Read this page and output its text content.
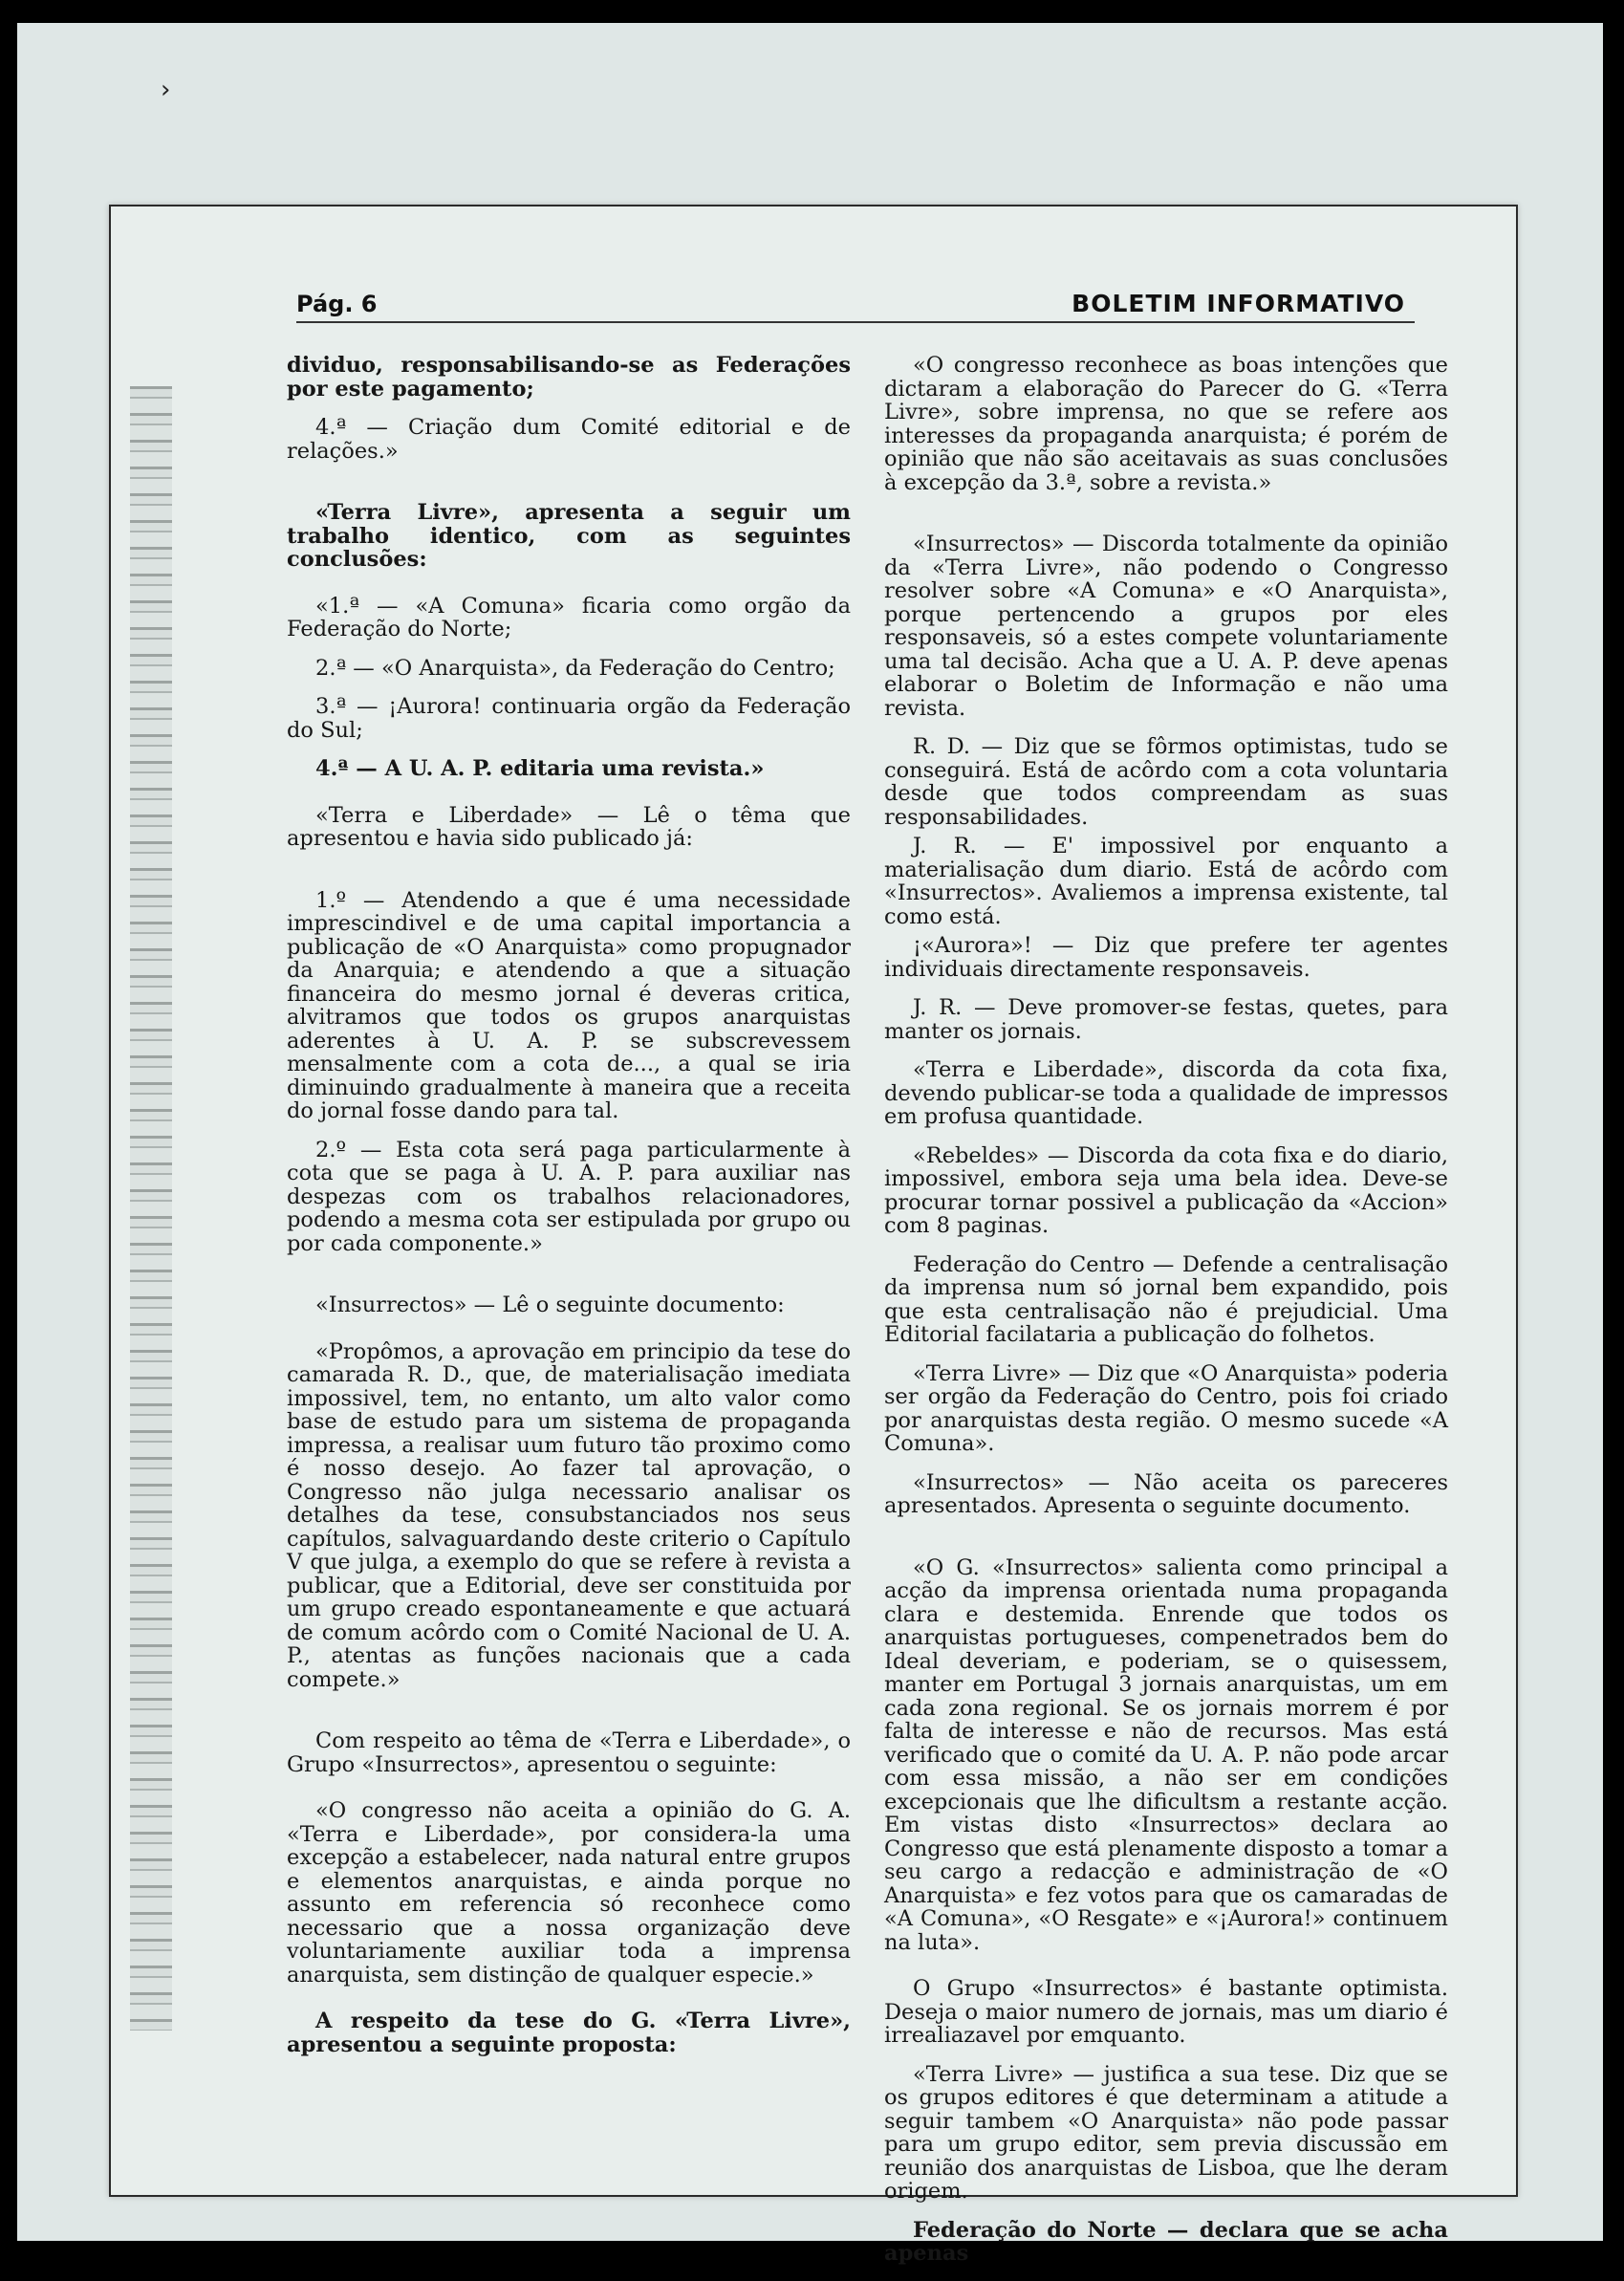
›
Pág. 6	BOLETIM INFORMATIVO

dividuo, responsabilisando-se as Federações por este pagamento;

4.ª — Criação dum Comité editorial e de relações.»

«Terra Livre», apresenta a seguir um trabalho identico, com as seguintes conclusões:

«1.ª — «A Comuna» ficaria como orgão da Federação do Norte;

2.ª — «O Anarquista», da Federação do Centro;

3.ª — ¡Aurora! continuaria orgão da Federação do Sul;

4.ª — A U. A. P. editaria uma revista.»

«Terra e Liberdade» — Lê o têma que apresentou e havia sido publicado já:

1.º — Atendendo a que é uma necessidade imprescindivel e de uma capital importancia a publicação de «O Anarquista» como propugnador da Anarquia; e atendendo a que a situação financeira do mesmo jornal é deveras critica, alvitramos que todos os grupos anarquistas aderentes à U. A. P. se subscrevessem mensalmente com a cota de..., a qual se iria diminuindo gradualmente à maneira que a receita do jornal fosse dando para tal.

2.º — Esta cota será paga particularmente à cota que se paga à U. A. P. para auxiliar nas despezas com os trabalhos relacionadores, podendo a mesma cota ser estipulada por grupo ou por cada componente.»

«Insurrectos» — Lê o seguinte documento:

«Propômos, a aprovação em principio da tese do camarada R. D., que, de materialisação imediata impossivel, tem, no entanto, um alto valor como base de estudo para um sistema de propaganda impressa, a realisar uum futuro tão proximo como é nosso desejo. Ao fazer tal aprovação, o Congresso não julga necessario analisar os detalhes da tese, consubstanciados nos seus capítulos, salvaguardando deste criterio o Capítulo V que julga, a exemplo do que se refere à revista a publicar, que a Editorial, deve ser constituida por um grupo creado espontaneamente e que actuará de comum acôrdo com o Comité Nacional de U. A. P., atentas as funções nacionais que a cada compete.»

Com respeito ao têma de «Terra e Liberdade», o Grupo «Insurrectos», apresentou o seguinte:

«O congresso não aceita a opinião do G. A. «Terra e Liberdade», por considera-la uma excepção a estabelecer, nada natural entre grupos e elementos anarquistas, e ainda porque no assunto em referencia só reconhece como necessario que a nossa organização deve voluntariamente auxiliar toda a imprensa anarquista, sem distinção de qualquer especie.»

A respeito da tese do G. «Terra Livre», apresentou a seguinte proposta:

«O congresso reconhece as boas intenções que dictaram a elaboração do Parecer do G. «Terra Livre», sobre imprensa, no que se refere aos interesses da propaganda anarquista; é porém de opinião que não são aceitavais as suas conclusões à excepção da 3.ª, sobre a revista.»

«Insurrectos» — Discorda totalmente da opinião da «Terra Livre», não podendo o Congresso resolver sobre «A Comuna» e «O Anarquista», porque pertencendo a grupos por eles responsaveis, só a estes compete voluntariamente uma tal decisão. Acha que a U. A. P. deve apenas elaborar o Boletim de Informação e não uma revista.

R. D. — Diz que se fôrmos optimistas, tudo se conseguirá. Está de acôrdo com a cota voluntaria desde que todos compreendam as suas responsabilidades.

J. R. — E' impossivel por enquanto a materialisação dum diario. Está de acôrdo com «Insurrectos». Avaliemos a imprensa existente, tal como está.

¡«Aurora»! — Diz que prefere ter agentes individuais directamente responsaveis.

J. R. — Deve promover-se festas, quetes, para manter os jornais.

«Terra e Liberdade», discorda da cota fixa, devendo publicar-se toda a qualidade de impressos em profusa quantidade.

«Rebeldes» — Discorda da cota fixa e do diario, impossivel, embora seja uma bela idea. Deve-se procurar tornar possivel a publicação da «Accion» com 8 paginas.

Federação do Centro — Defende a centralisação da imprensa num só jornal bem expandido, pois que esta centralisação não é prejudicial. Uma Editorial facilataria a publicação do folhetos.

«Terra Livre» — Diz que «O Anarquista» poderia ser orgão da Federação do Centro, pois foi criado por anarquistas desta região. O mesmo sucede «A Comuna».

«Insurrectos» — Não aceita os pareceres apresentados. Apresenta o seguinte documento.

«O G. «Insurrectos» salienta como principal a acção da imprensa orientada numa propaganda clara e destemida. Enrende que todos os anarquistas portugueses, compenetrados bem do Ideal deveriam, e poderiam, se o quisessem, manter em Portugal 3 jornais anarquistas, um em cada zona regional. Se os jornais morrem é por falta de interesse e não de recursos. Mas está verificado que o comité da U. A. P. não pode arcar com essa missão, a não ser em condições excepcionais que lhe dificultsm a restante acção. Em vistas disto «Insurrectos» declara ao Congresso que está plenamente disposto a tomar a seu cargo a redacção e administração de «O Anarquista» e fez votos para que os camaradas de «A Comuna», «O Resgate» e «¡Aurora!» continuem na luta».

O Grupo «Insurrectos» é bastante optimista. Deseja o maior numero de jornais, mas um diario é irrealiazavel por emquanto.

«Terra Livre» — justifica a sua tese. Diz que se os grupos editores é que determinam a atitude a seguir tambem «O Anarquista» não pode passar para um grupo editor, sem previa discussão em reunião dos anarquistas de Lisboa, que lhe deram origem.

Federação do Norte — declara que se acha apenas
